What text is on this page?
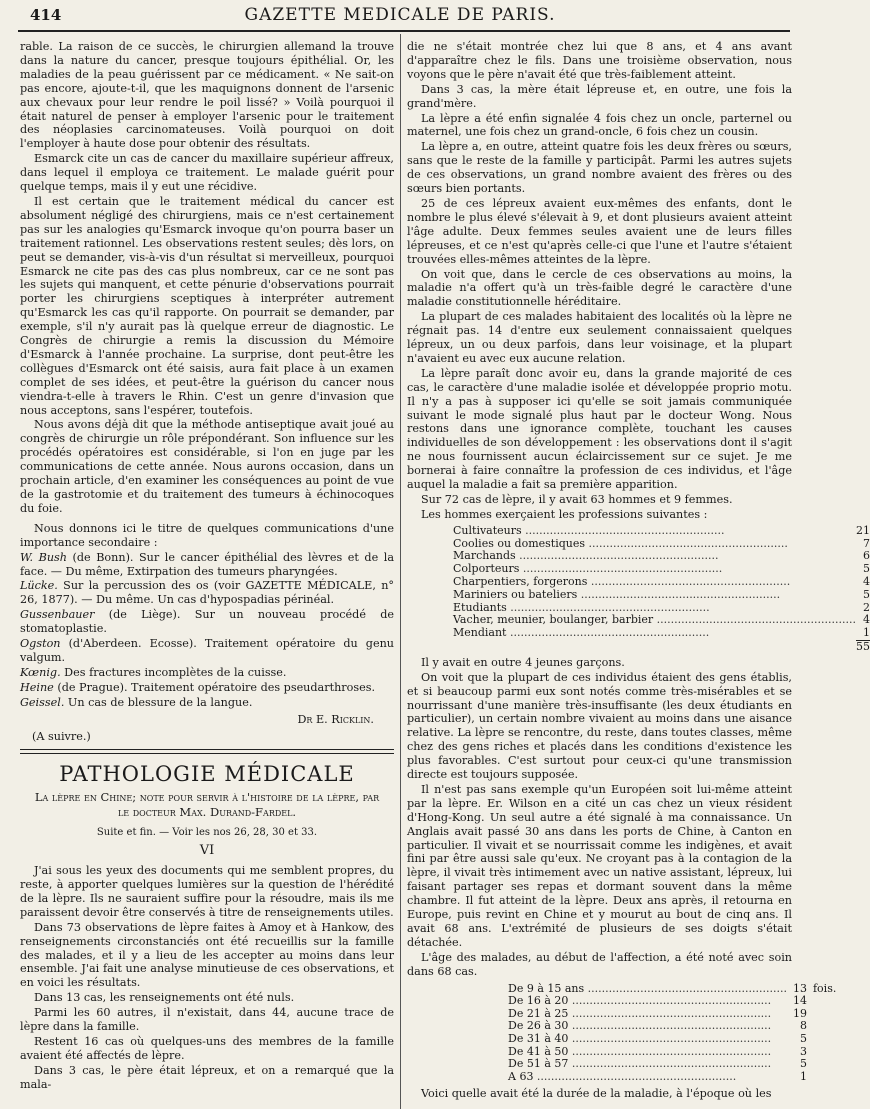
414	GAZETTE MEDICALE DE PARIS.

rable. La raison de ce succès, le chirurgien allemand la trouve dans la nature du cancer, presque toujours épithélial. Or, les maladies de la peau guérissent par ce médicament. « Ne sait-on pas encore, ajoute-t-il, que les maquignons donnent de l'arsenic aux chevaux pour leur rendre le poil lissé? » Voilà pourquoi il était naturel de penser à employer l'arsenic pour le traitement des néoplasies carcinomateuses. Voilà pourquoi on doit l'employer à haute dose pour obtenir des résultats.

Esmarck cite un cas de cancer du maxillaire supérieur affreux, dans lequel il employa ce traitement. Le malade guérit pour quelque temps, mais il y eut une récidive.

Il est certain que le traitement médical du cancer est absolument négligé des chirurgiens, mais ce n'est certainement pas sur les analogies qu'Esmarck invoque qu'on pourra baser un traitement rationnel. Les observations restent seules; dès lors, on peut se demander, vis-à-vis d'un résultat si merveilleux, pourquoi Esmarck ne cite pas des cas plus nombreux, car ce ne sont pas les sujets qui manquent, et cette pénurie d'observations pourrait porter les chirurgiens sceptiques à interpréter autrement qu'Esmarck les cas qu'il rapporte. On pourrait se demander, par exemple, s'il n'y aurait pas là quelque erreur de diagnostic. Le Congrès de chirurgie a remis la discussion du Mémoire d'Esmarck à l'année prochaine. La surprise, dont peut-être les collègues d'Esmarck ont été saisis, aura fait place à un examen complet de ses idées, et peut-être la guérison du cancer nous viendra-t-elle à travers le Rhin. C'est un genre d'invasion que nous acceptons, sans l'espérer, toutefois.

Nous avons déjà dit que la méthode antiseptique avait joué au congrès de chirurgie un rôle prépondérant. Son influence sur les procédés opératoires est considérable, si l'on en juge par les communications de cette année. Nous aurons occasion, dans un prochain article, d'en examiner les conséquences au point de vue de la gastrotomie et du traitement des tumeurs à échinocoques du foie.

Nous donnons ici le titre de quelques communications d'une importance secondaire :

W. Bush (de Bonn). Sur le cancer épithélial des lèvres et de la face. — Du même, Extirpation des tumeurs pharyngées.

Lücke. Sur la percussion des os (voir GAZETTE MÉDICALE, n° 26, 1877). — Du même. Un cas d'hypospadias périnéal.

Gussenbauer (de Liège). Sur un nouveau procédé de stomatoplastie.

Ogston (d'Aberdeen. Ecosse). Traitement opératoire du genu valgum.

Kœnig. Des fractures incomplètes de la cuisse.

Heine (de Prague). Traitement opératoire des pseudarthroses.

Geissel. Un cas de blessure de la langue.

Dr E. Ricklin.

(A suivre.)

PATHOLOGIE MÉDICALE

La lèpre en Chine; note pour servir à l'histoire de la lèpre, par le docteur Max. Durand-Fardel.

Suite et fin. — Voir les nos 26, 28, 30 et 33.

VI

J'ai sous les yeux des documents qui me semblent propres, du reste, à apporter quelques lumières sur la question de l'hérédité de la lèpre. Ils ne sauraient suffire pour la résoudre, mais ils me paraissent devoir être conservés à titre de renseignements utiles.

Dans 73 observations de lèpre faites à Amoy et à Hankow, des renseignements circonstanciés ont été recueillis sur la famille des malades, et il y a lieu de les accepter au moins dans leur ensemble. J'ai fait une analyse minutieuse de ces observations, et en voici les résultats.

Dans 13 cas, les renseignements ont été nuls.

Parmi les 60 autres, il n'existait, dans 44, aucune trace de lèpre dans la famille.

Restent 16 cas où quelques-uns des membres de la famille avaient été affectés de lèpre.

Dans 3 cas, le père était lépreux, et on a remarqué que la mala-

die ne s'était montrée chez lui que 8 ans, et 4 ans avant d'apparaître chez le fils. Dans une troisième observation, nous voyons que le père n'avait été que très-faiblement atteint.

Dans 3 cas, la mère était lépreuse et, en outre, une fois la grand'mère.

La lèpre a été enfin signalée 4 fois chez un oncle, parternel ou maternel, une fois chez un grand-oncle, 6 fois chez un cousin.

La lèpre a, en outre, atteint quatre fois les deux frères ou sœurs, sans que le reste de la famille y participât. Parmi les autres sujets de ces observations, un grand nombre avaient des frères ou des sœurs bien portants.

25 de ces lépreux avaient eux-mêmes des enfants, dont le nombre le plus élevé s'élevait à 9, et dont plusieurs avaient atteint l'âge adulte. Deux femmes seules avaient une de leurs filles lépreuses, et ce n'est qu'après celle-ci que l'une et l'autre s'étaient trouvées elles-mêmes atteintes de la lèpre.

On voit que, dans le cercle de ces observations au moins, la maladie n'a offert qu'à un très-faible degré le caractère d'une maladie constitutionnelle héréditaire.

La plupart de ces malades habitaient des localités où la lèpre ne régnait pas. 14 d'entre eux seulement connaissaient quelques lépreux, un ou deux parfois, dans leur voisinage, et la plupart n'avaient eu avec eux aucune relation.

La lèpre paraît donc avoir eu, dans la grande majorité de ces cas, le caractère d'une maladie isolée et développée proprio motu. Il n'y a pas à supposer ici qu'elle se soit jamais communiquée suivant le mode signalé plus haut par le docteur Wong. Nous restons dans une ignorance complète, touchant les causes individuelles de son développement : les observations dont il s'agit ne nous fournissent aucun éclaircissement sur ce sujet. Je me bornerai à faire connaître la profession de ces individus, et l'âge auquel la maladie a fait sa première apparition.

Sur 72 cas de lèpre, il y avait 63 hommes et 9 femmes.

Les hommes exerçaient les professions suivantes :

Cultivateurs .....	21
Coolies ou domestiques .....	7
Marchands .....	6
Colporteurs .....	5
Charpentiers, forgerons .....	4
Mariniers ou bateliers .....	5
Etudiants .....	2
Vacher, meunier, boulanger, barbier .....	4
Mendiant .....	1
	55

Il y avait en outre 4 jeunes garçons.

On voit que la plupart de ces individus étaient des gens établis, et si beaucoup parmi eux sont notés comme très-misérables et se nourrissant d'une manière très-insuffisante (les deux étudiants en particulier), un certain nombre vivaient au moins dans une aisance relative. La lèpre se rencontre, du reste, dans toutes classes, même chez des gens riches et placés dans les conditions d'existence les plus favorables. C'est surtout pour ceux-ci qu'une transmission directe est toujours supposée.

Il n'est pas sans exemple qu'un Européen soit lui-même atteint par la lèpre. Er. Wilson en a cité un cas chez un vieux résident d'Hong-Kong. Un seul autre a été signalé à ma connaissance. Un Anglais avait passé 30 ans dans les ports de Chine, à Canton en particulier. Il vivait et se nourrissait comme les indigènes, et avait fini par être aussi sale qu'eux. Ne croyant pas à la contagion de la lèpre, il vivait très intimement avec un native assistant, lépreux, lui faisant partager ses repas et dormant souvent dans la même chambre. Il fut atteint de la lèpre. Deux ans après, il retourna en Europe, puis revint en Chine et y mourut au bout de cinq ans. Il avait 68 ans. L'extrémité de plusieurs de ses doigts s'était détachée.

L'âge des malades, au début de l'affection, a été noté avec soin dans 68 cas.

De 9 à 15 ans .....	13	fois.
De 16 à 20 .....	14	
De 21 à 25 .....	19	
De 26 à 30 .....	8	
De 31 à 40 .....	5	
De 41 à 50 .....	3	
De 51 à 57 .....	5	
A 63 .....	1	

Voici quelle avait été la durée de la maladie, à l'époque où les
